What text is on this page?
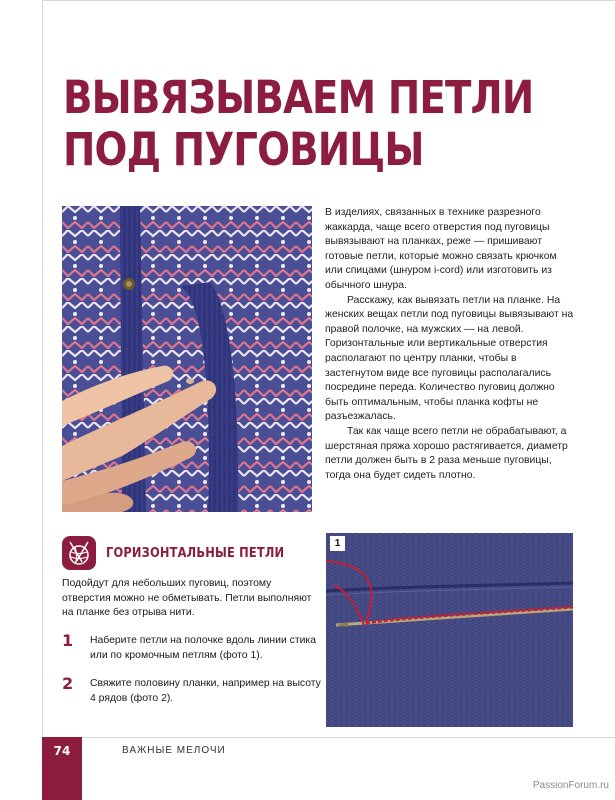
ВЫВЯЗЫВАЕМ ПЕТЛИ
ПОД ПУГОВИЦЫ

В изделиях, связанных в технике разрезного жаккарда, чаще всего отверстия под пуговицы вывязывают на планках, реже — пришивают готовые петли, которые можно связать крючком или спицами (шнуром i-cord) или изготовить из обычного шнура.

Расскажу, как вывязать петли на планке. На женских вещах петли под пуговицы вывязывают на правой полочке, на мужских — на левой. Горизонтальные или вертикальные отверстия располагают по центру планки, чтобы в застегнутом виде все пуговицы располагались посредине переда. Количество пуговиц должно быть оптимальным, чтобы планка кофты не разъезжалась.

Так как чаще всего петли не обрабатывают, а шерстяная пряжа хорошо растягивается, диаметр петли должен быть в 2 раза меньше пуговицы, тогда она будет сидеть плотно.

ГОРИЗОНТАЛЬНЫЕ ПЕТЛИ

Подойдут для небольших пуговиц, поэтому отверстия можно не обметывать. Петли выполняют на планке без отрыва нити.

1	Наберите петли на полочке вдоль линии стика или по кромочным петлям (фото 1).
2	Свяжите половину планки, например на высоту 4 рядов (фото 2).
1
74	ВАЖНЫЕ МЕЛОЧИ
PassionForum.ru
